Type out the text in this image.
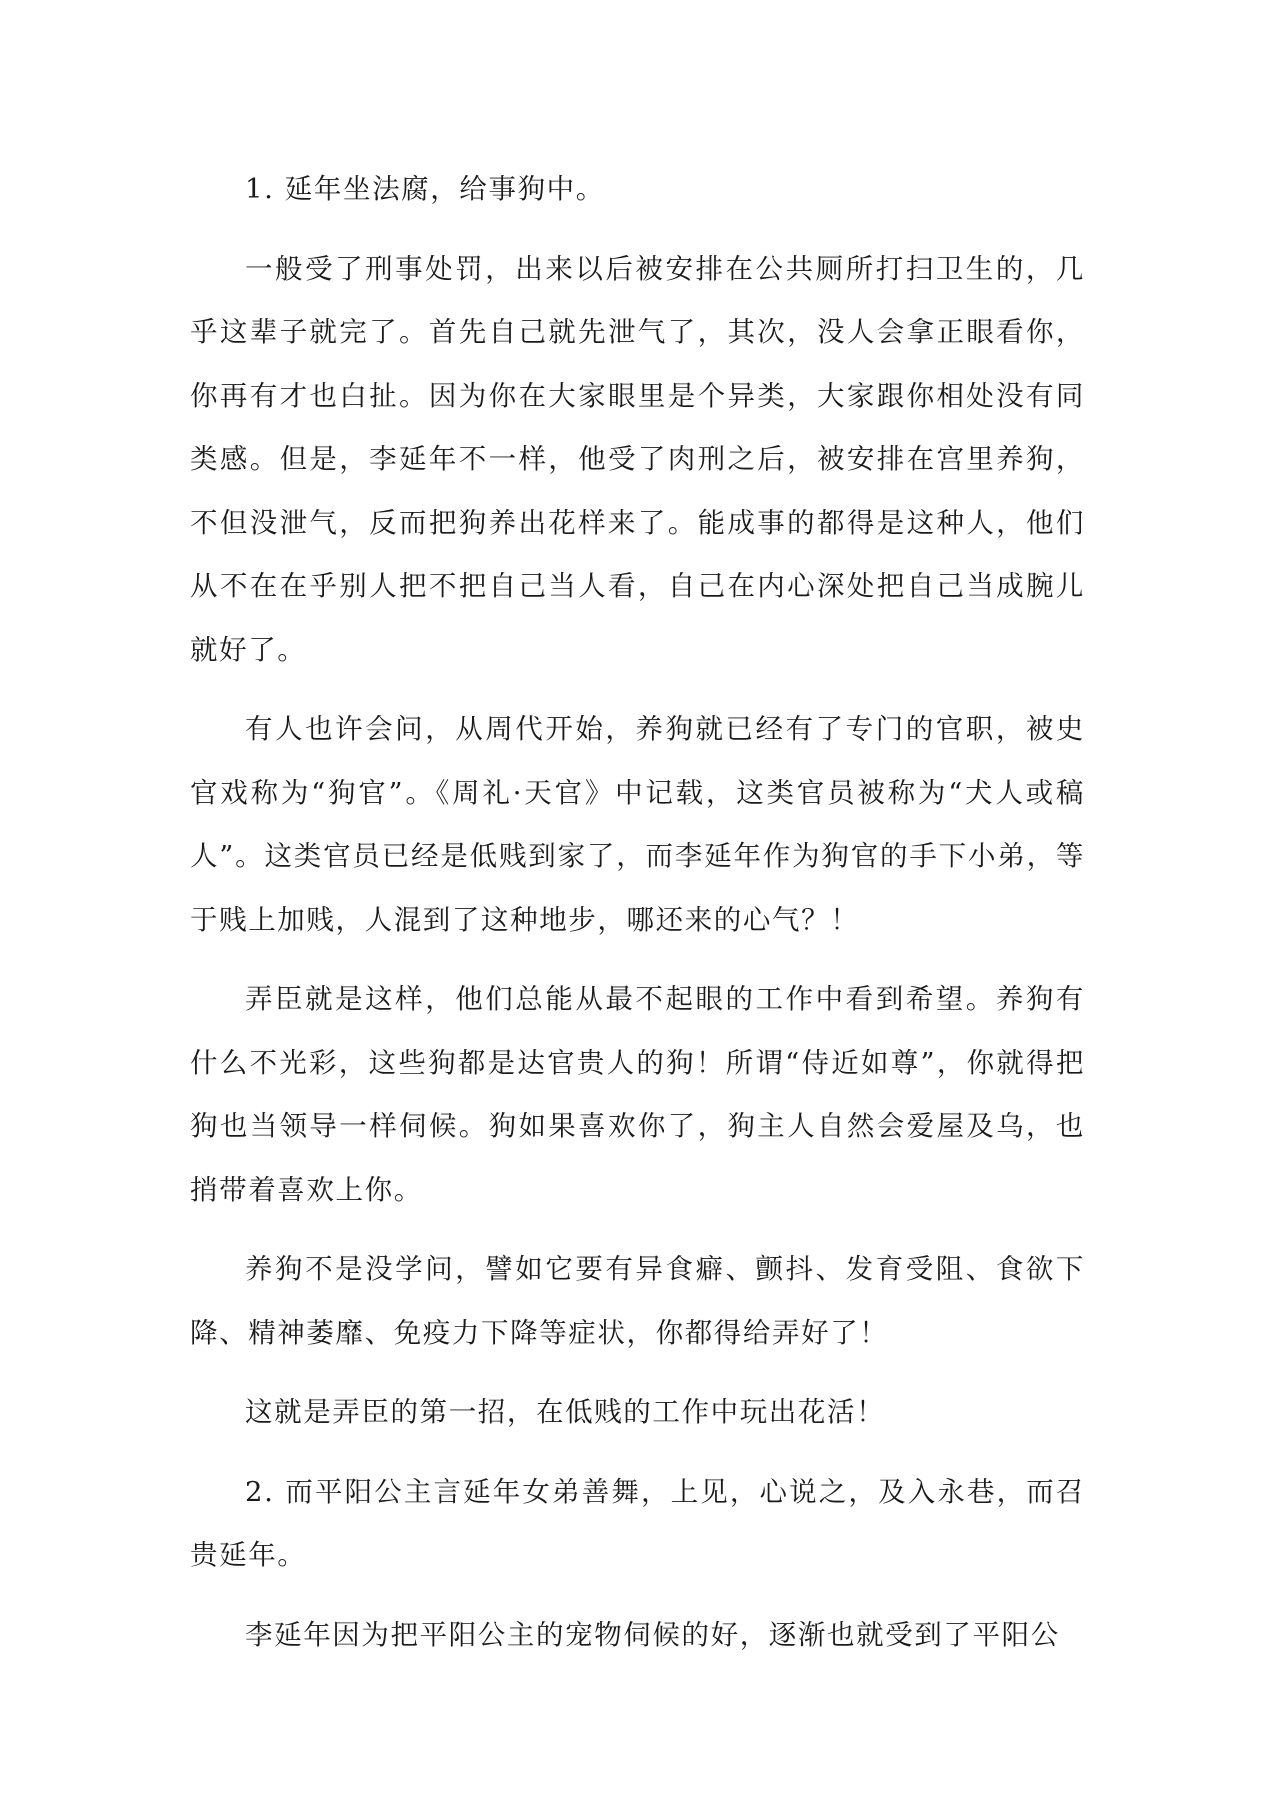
1. 延年坐法腐，给事狗中。

一般受了刑事处罚，出来以后被安排在公共厕所打扫卫生的，几乎这辈子就完了。首先自己就先泄气了，其次，没人会拿正眼看你，你再有才也白扯。因为你在大家眼里是个异类，大家跟你相处没有同类感。但是，李延年不一样，他受了肉刑之后，被安排在宫里养狗，不但没泄气，反而把狗养出花样来了。能成事的都得是这种人，他们从不在在乎别人把不把自己当人看，自己在内心深处把自己当成腕儿就好了。

有人也许会问，从周代开始，养狗就已经有了专门的官职，被史官戏称为“狗官”。《周礼·天官》中记载，这类官员被称为“犬人或稿人”。这类官员已经是低贱到家了，而李延年作为狗官的手下小弟，等于贱上加贱，人混到了这种地步，哪还来的心气？！

弄臣就是这样，他们总能从最不起眼的工作中看到希望。养狗有什么不光彩，这些狗都是达官贵人的狗！所谓“侍近如尊”，你就得把狗也当领导一样伺候。狗如果喜欢你了，狗主人自然会爱屋及乌，也捎带着喜欢上你。

养狗不是没学问，譬如它要有异食癖、颤抖、发育受阻、食欲下降、精神萎靡、免疫力下降等症状，你都得给弄好了！

这就是弄臣的第一招，在低贱的工作中玩出花活！

2. 而平阳公主言延年女弟善舞，上见，心说之，及入永巷，而召贵延年。

李延年因为把平阳公主的宠物伺候的好，逐渐也就受到了平阳公
